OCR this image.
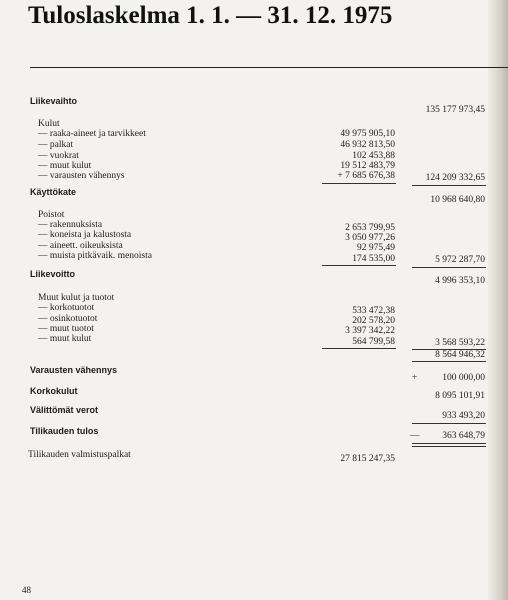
Tuloslaskelma 1. 1. — 31. 12. 1975
Liikevaihto
135 177 973,45
Kulut
— raaka-aineet ja tarvikkeet	49 975 905,10
— palkat	46 932 813,50
— vuokrat	102 453,88
— muut kulut	19 512 483,79
— varausten vähennys	+ 7 685 676,38	124 209 332,65
Käyttökate
10 968 640,80
Poistot
— rakennuksista	2 653 799,95
— koneista ja kalustosta	3 050 977,26
— aineett. oikeuksista	92 975,49
— muista pitkävaik. menoista	174 535,00	5 972 287,70
Liikevoitto
4 996 353,10
Muut kulut ja tuotot
— korkotuotot	533 472,38
— osinkotuotot	202 578,20
— muut tuotot	3 397 342,22
— muut kulut	564 799,58	3 568 593,22
8 564 946,32
Varausten vähennys
+	100 000,00
Korkokulut	8 095 101,91
Välittömät verot
933 493,20
Tilikauden tulos	— 363 648,79
Tilikauden valmistuspalkat	27 815 247,35
48
